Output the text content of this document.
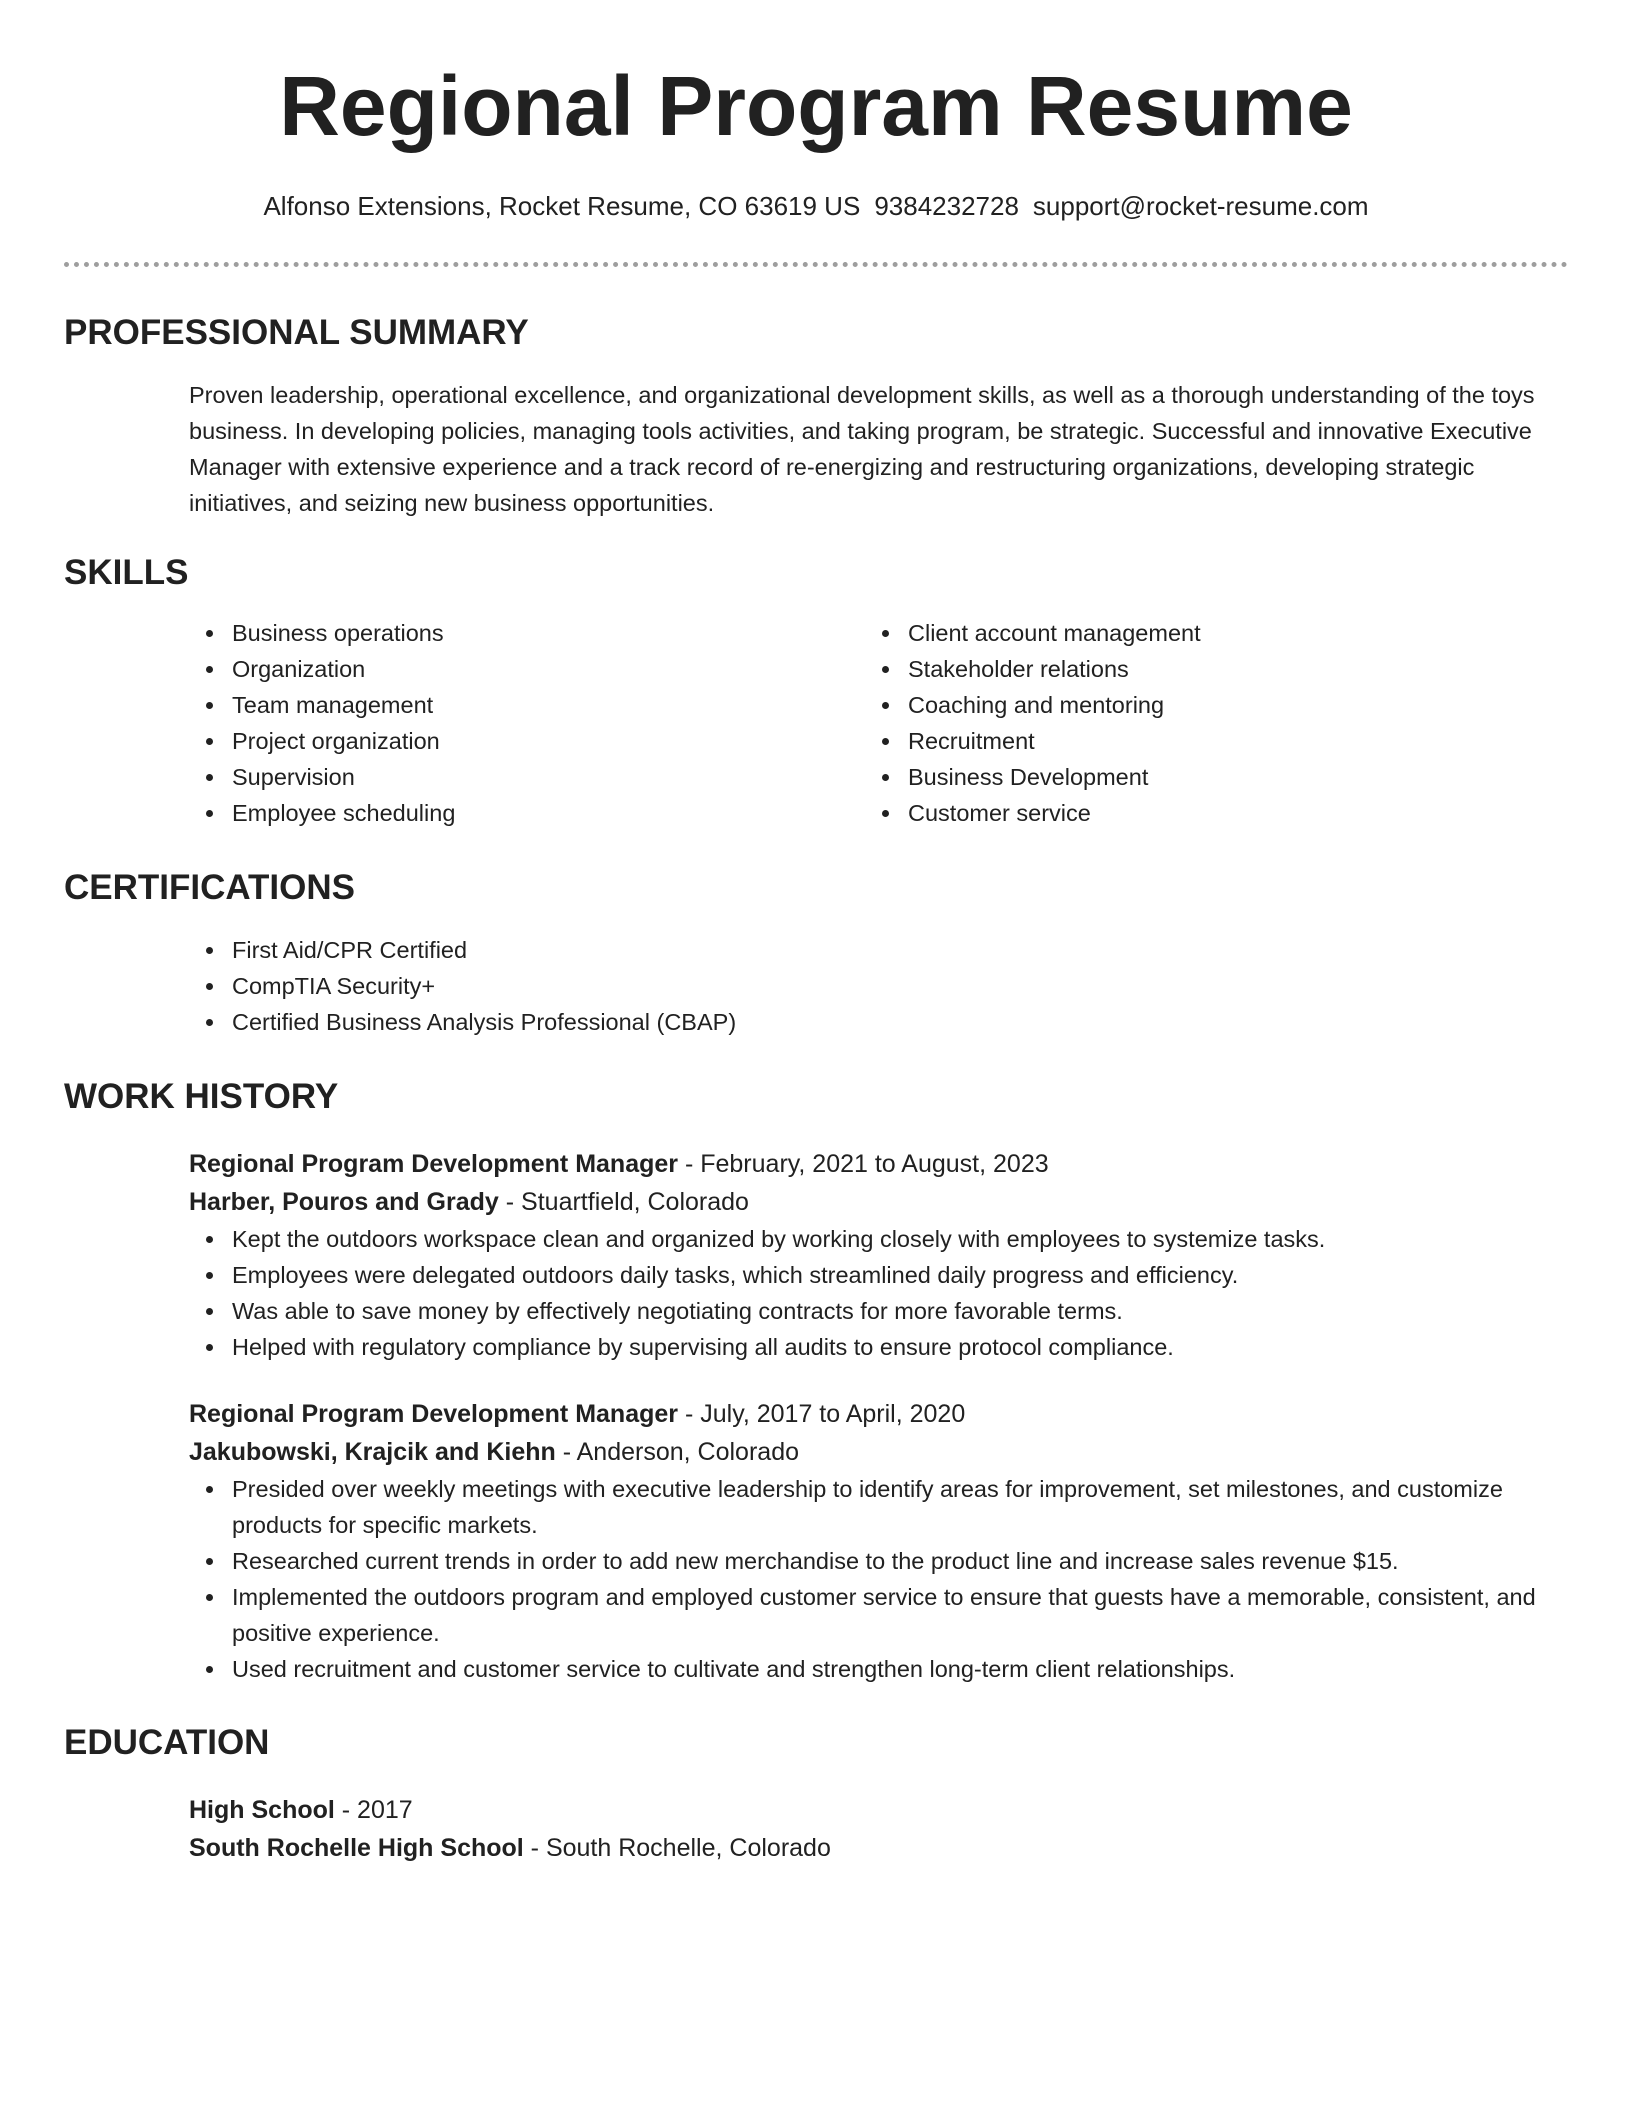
Regional Program Resume
Alfonso Extensions, Rocket Resume, CO 63619 US 9384232728 support@rocket-resume.com
PROFESSIONAL SUMMARY
Proven leadership, operational excellence, and organizational development skills, as well as a thorough understanding of the toys business. In developing policies, managing tools activities, and taking program, be strategic. Successful and innovative Executive Manager with extensive experience and a track record of re-energizing and restructuring organizations, developing strategic initiatives, and seizing new business opportunities.
SKILLS
Business operations
Organization
Team management
Project organization
Supervision
Employee scheduling
Client account management
Stakeholder relations
Coaching and mentoring
Recruitment
Business Development
Customer service
CERTIFICATIONS
First Aid/CPR Certified
CompTIA Security+
Certified Business Analysis Professional (CBAP)
WORK HISTORY
Regional Program Development Manager - February, 2021 to August, 2023
Harber, Pouros and Grady - Stuartfield, Colorado
Kept the outdoors workspace clean and organized by working closely with employees to systemize tasks.
Employees were delegated outdoors daily tasks, which streamlined daily progress and efficiency.
Was able to save money by effectively negotiating contracts for more favorable terms.
Helped with regulatory compliance by supervising all audits to ensure protocol compliance.
Regional Program Development Manager - July, 2017 to April, 2020
Jakubowski, Krajcik and Kiehn - Anderson, Colorado
Presided over weekly meetings with executive leadership to identify areas for improvement, set milestones, and customize products for specific markets.
Researched current trends in order to add new merchandise to the product line and increase sales revenue $15.
Implemented the outdoors program and employed customer service to ensure that guests have a memorable, consistent, and positive experience.
Used recruitment and customer service to cultivate and strengthen long-term client relationships.
EDUCATION
High School - 2017
South Rochelle High School - South Rochelle, Colorado
